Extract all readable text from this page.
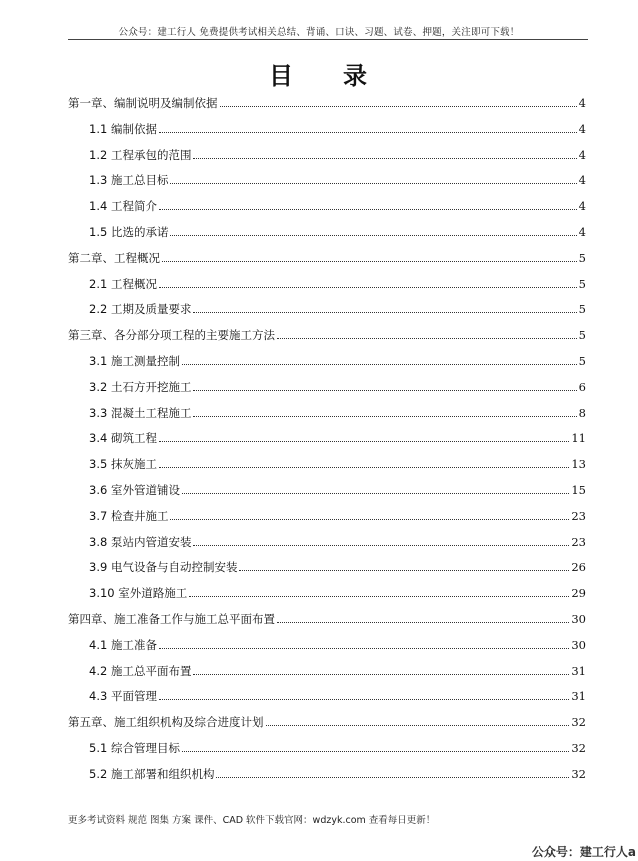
公众号：建工行人 免费提供考试相关总结、背诵、口诀、习题、试卷、押题，关注即可下载！
目 录
第一章、编制说明及编制依据	4
1.1 编制依据	4
1.2 工程承包的范围	4
1.3 施工总目标	4
1.4 工程简介	4
1.5 比选的承诺	4
第二章、工程概况	5
2.1 工程概况	5
2.2 工期及质量要求	5
第三章、各分部分项工程的主要施工方法	5
3.1 施工测量控制	5
3.2 土石方开挖施工	6
3.3 混凝土工程施工	8
3.4 砌筑工程	11
3.5 抹灰施工	13
3.6 室外管道铺设	15
3.7 检查井施工	23
3.8 泵站内管道安装	23
3.9 电气设备与自动控制安装	26
3.10 室外道路施工	29
第四章、施工准备工作与施工总平面布置	30
4.1 施工准备	30
4.2 施工总平面布置	31
4.3 平面管理	31
第五章、施工组织机构及综合进度计划	32
5.1 综合管理目标	32
5.2 施工部署和组织机构	32
更多考试资料 规范 图集 方案 课件、CAD 软件下载官网：wdzyk.com 查看每日更新！
公众号：建工行人a
